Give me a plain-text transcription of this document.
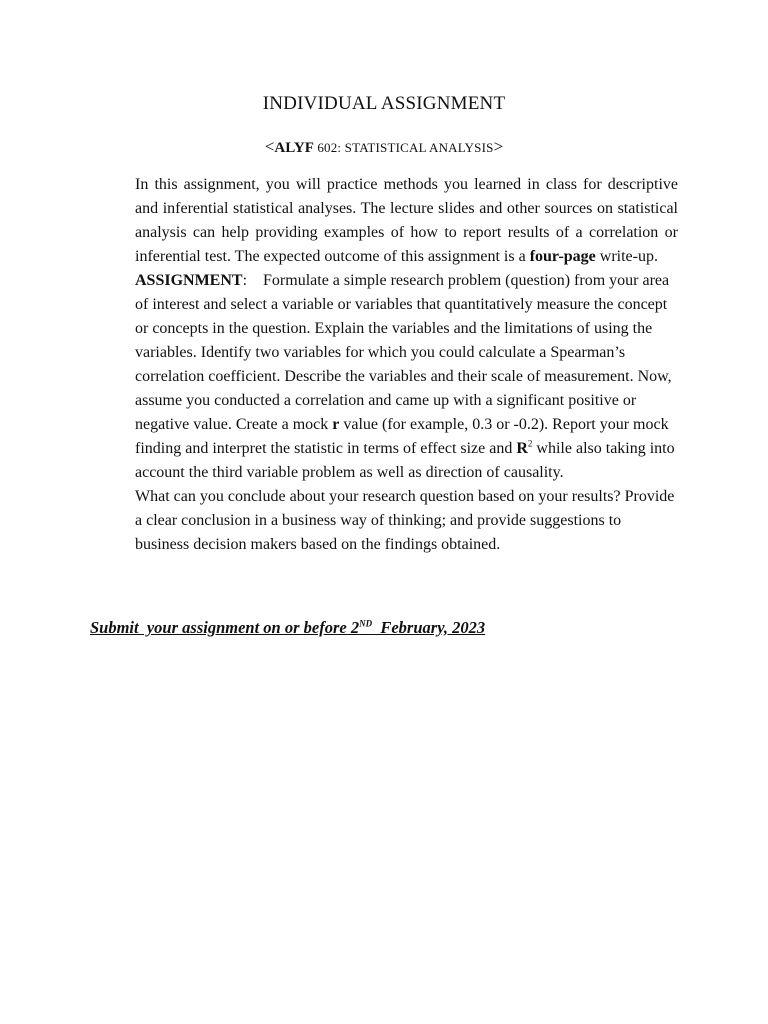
INDIVIDUAL ASSIGNMENT
<ALYF 602: STATISTICAL ANALYSIS>

In this assignment, you will practice methods you learned in class for descriptive and inferential statistical analyses. The lecture slides and other sources on statistical analysis can help providing examples of how to report results of a correlation or inferential test. The expected outcome of this assignment is a four-page write-up.

ASSIGNMENT:    Formulate a simple research problem (question) from your area of interest and select a variable or variables that quantitatively measure the concept or concepts in the question. Explain the variables and the limitations of using the variables. Identify two variables for which you could calculate a Spearman’s correlation coefficient. Describe the variables and their scale of measurement. Now, assume you conducted a correlation and came up with a significant positive or negative value. Create a mock r value (for example, 0.3 or -0.2). Report your mock finding and interpret the statistic in terms of effect size and $R^2$ while also taking into account the third variable problem as well as direction of causality.

What can you conclude about your research question based on your results? Provide a clear conclusion in a business way of thinking; and provide suggestions to business decision makers based on the findings obtained.

Submit  your assignment on or before 2ND  February, 2023
